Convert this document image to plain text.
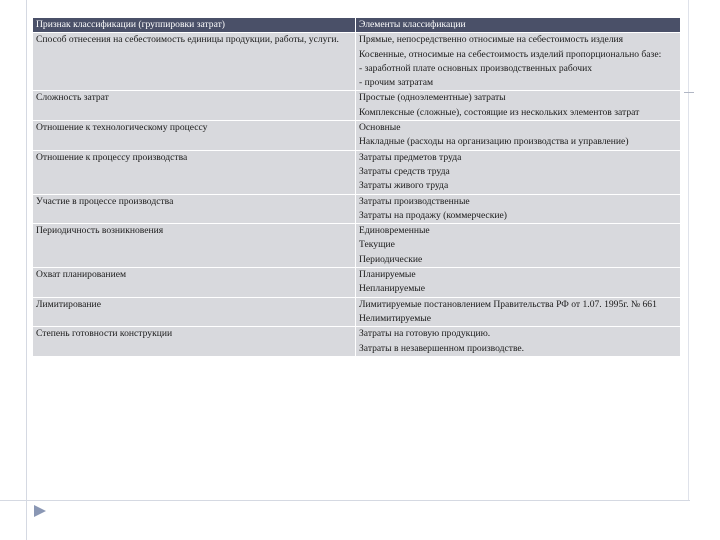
Признак классификации (группировки затрат)	Элементы классификации
Способ отнесения на себестоимость единицы продукции, работы, услуги.	Прямые, непосредственно относимые на себестоимость изделия
Косвенные, относимые на себестоимость изделий пропорционально базе:
- заработной плате основных производственных рабочих
- прочим затратам

Сложность затрат	Простые (одноэлементные) затраты
Комплексные (сложные), состоящие из нескольких элементов затрат

Отношение к технологическому процессу	Основные
Накладные (расходы на организацию производства и управление)

Отношение к процессу производства	Затраты предметов труда
Затраты средств труда
Затраты живого труда

Участие в процессе производства	Затраты производственные
Затраты на продажу (коммерческие)

Периодичность возникновения	Единовременные
Текущие
Периодические

Охват планированием	Планируемые
Непланируемые

Лимитирование	Лимитируемые постановлением Правительства РФ от 1.07. 1995г. № 661
Нелимитируемые

Степень готовности конструкции	Затраты на готовую продукцию.
Затраты в незавершенном производстве.
